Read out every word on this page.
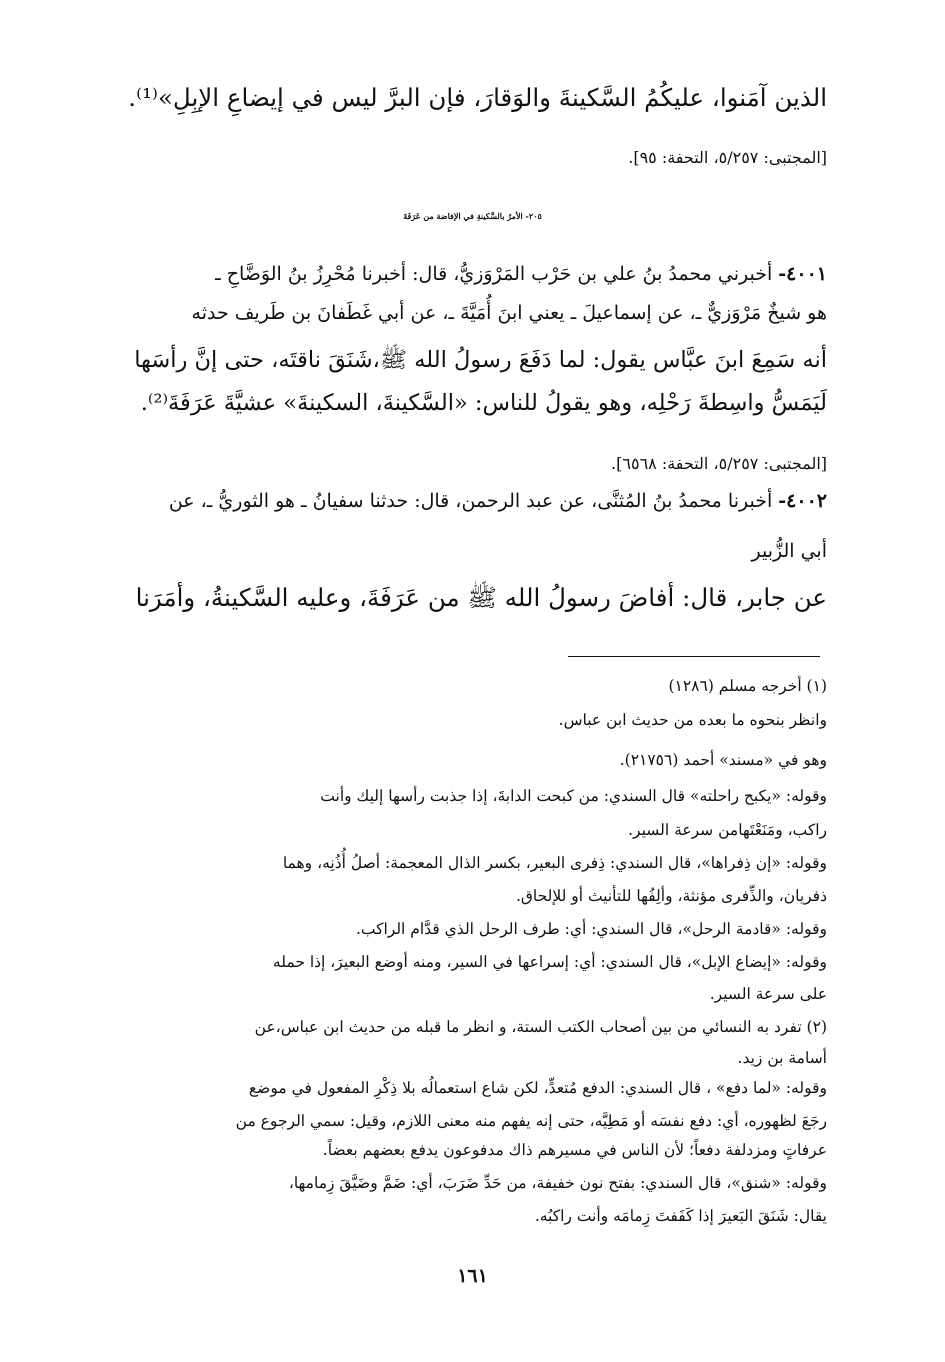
الذين آمَنوا، عليكُمُ السَّكينةَ والوَقارَ، فإن البرَّ ليس في إيضاعِ الإبِلِ»⁽¹⁾.
[المجتبى: ٥/٢٥٧، التحفة: ٩٥].
٢٠٥- الأمرُ بالسَّكينةِ في الإفاضة من عَرَفَةَ
٤٠٠١- أخبرني محمدُ بنُ علي بن حَرْب المَرْوَزيُّ، قال: أخبرنا مُحْرِزُ بنُ الوَضَّاحِ ـ
هو شيخٌ مَرْوَزيٌّ ـ، عن إسماعيلَ ـ يعني ابنَ أُمَيَّةَ ـ، عن أبي غَطَفانَ بن طَريف حدثه
أنه سَمِعَ ابنَ عبَّاس يقول: لما دَفَعَ رسولُ الله ﷺ،شَنَقَ ناقتَه، حتى إنَّ رأسَها
لَيَمَسُّ واسِطةَ رَحْلِه، وهو يقولُ للناس: «السَّكينةَ، السكينةَ» عشيَّةَ عَرَفَةَ⁽²⁾.
[المجتبى: ٥/٢٥٧، التحفة: ٦٥٦٨].
٤٠٠٢- أخبرنا محمدُ بنُ المُثنَّى، عن عبد الرحمن، قال: حدثنا سفيانُ ـ هو الثوريُّ ـ، عن
أبي الزُّبير
عن جابر، قال: أفاضَ رسولُ الله ﷺ من عَرَفَةَ، وعليه السَّكينةُ، وأمَرَنا
(١) أخرجه مسلم (١٢٨٦)
وانظر بنحوه ما بعده من حديث ابن عباس.
وهو في «مسند» أحمد (٢١٧٥٦).
وقوله: «يكبح راحلته» قال السندي: من كبحت الدابةَ، إذا جذبت رأسها إليك وأنت
راكب، ومَنَعْتَهامن سرعة السير.
وقوله: «إن ذِفراها»، قال السندي: ذِفرى البعير، بكسر الذال المعجمة: أصلُ أُذُنِه، وهما
ذفريان، والذِّفرى مؤنثة، وألِفُها للتأنيث أو للإلحاق.
وقوله: «قادمة الرحل»، قال السندي: أي: طرف الرحل الذي قدَّام الراكب.
وقوله: «إيضاع الإبل»، قال السندي: أي: إسراعها في السير، ومنه أوضع البعيرَ، إذا حمله
على سرعة السير.
(٢) تفرد به النسائي من بين أصحاب الكتب الستة، و انظر ما قبله من حديث ابن عباس،عن
أسامة بن زيد.
وقوله: «لما دفع» ، قال السندي: الدفع مُتعدٍّ، لكن شاع استعمالُه بلا ذِكْرِ المفعول في موضع
رجَعَ لظهوره، أي: دفع نفسَه أو مَطِيَّه، حتى إنه يفهم منه معنى اللازم، وقيل: سمي الرجوع من
عرفاتٍ ومزدلفة دفعاً؛ لأن الناس في مسيرهم ذاك مدفوعون يدفع بعضهم بعضاً.
وقوله: «شنق»، قال السندي: بفتح نون خفيفة، من حَدِّ ضَرَبَ، أي: ضَمَّ وضَيَّقَ زِمامها،
يقال: شَنَقَ البَعيرَ إذا كَفَفتَ زِمامَه وأنت راكبُه.
١٦١
